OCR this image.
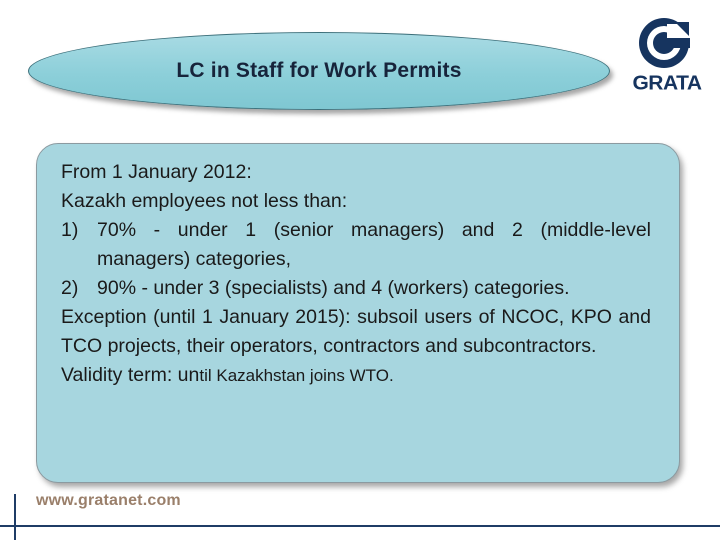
LC in Staff for Work Permits
GRATA

From 1 January 2012:

Kazakh employees not less than:

1) 70% - under 1 (senior managers) and 2 (middle-level managers) categories,
2) 90% - under 3 (specialists) and 4 (workers) categories.

Exception (until 1 January 2015): subsoil users of NCOC, KPO and TCO projects, their operators, contractors and subcontractors.

Validity term: until Kazakhstan joins WTO.

www.gratanet.com
